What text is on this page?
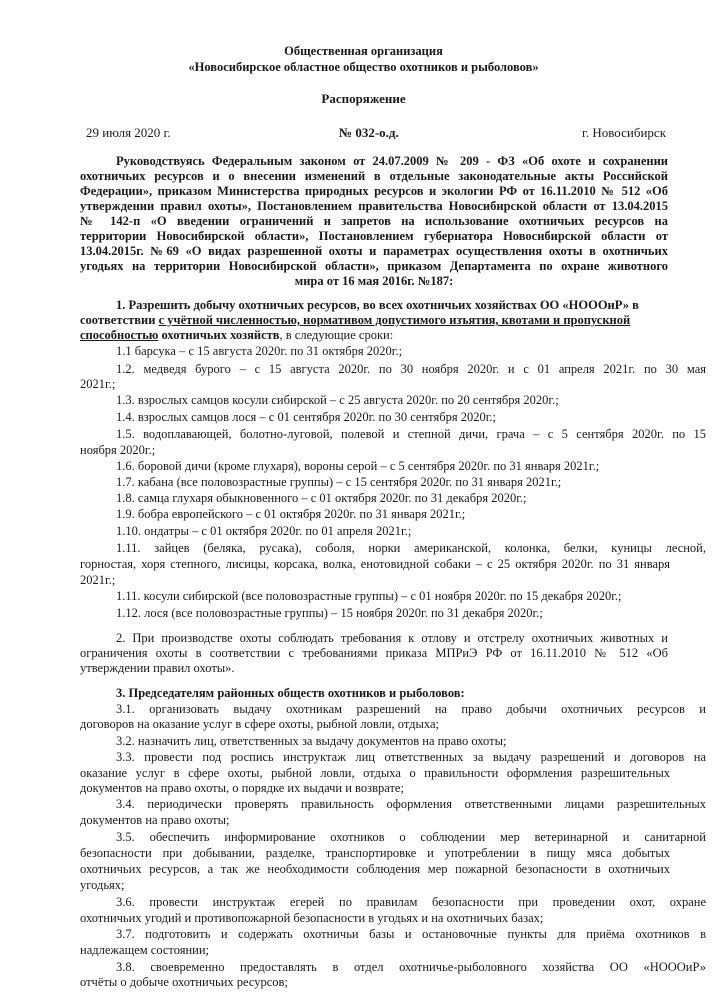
Общественная организация
«Новосибирское областное общество охотников и рыболовов»
Распоряжение
29 июля 2020 г.	№ 032-о.д.	г. Новосибирск
Руководствуясь Федеральным законом от 24.07.2009 № 209 - ФЗ «Об охоте и сохранении
охотничьих ресурсов и о внесении изменений в отдельные законодательные акты Российской
Федерации», приказом Министерства природных ресурсов и экологии РФ от 16.11.2010 № 512 «Об
утверждении правил охоты», Постановлением правительства Новосибирской области от 13.04.2015
№ 142-п «О введении ограничений и запретов на использование охотничьих ресурсов на
территории Новосибирской области», Постановлением губернатора Новосибирской области от
13.04.2015г. №69 «О видах разрешенной охоты и параметрах осуществления охоты в охотничьих
угодьях на территории Новосибирской области», приказом Департамента по охране животного
мира от 16 мая 2016г. №187:
1. Разрешить добычу охотничьих ресурсов, во всех охотничьих хозяйствах ОО «НОООиР» в
соответствии с учётной численностью, нормативом допустимого изъятия, квотами и пропускной
способностью охотничьих хозяйств, в следующие сроки:
1.1 барсука – с 15 августа 2020г. по 31 октября 2020г.;
1.2. медведя бурого – с 15 августа 2020г. по 30 ноября 2020г. и с 01 апреля 2021г. по 30 мая
2021г.;
1.3. взрослых самцов косули сибирской – с 25 августа 2020г. по 20 сентября 2020г.;
1.4. взрослых самцов лося – с 01 сентября 2020г. по 30 сентября 2020г.;
1.5. водоплавающей, болотно-луговой, полевой и степной дичи, грача – с 5 сентября 2020г. по 15
ноября 2020г.;
1.6. боровой дичи (кроме глухаря), вороны серой – с 5 сентября 2020г. по 31 января 2021г.;
1.7. кабана (все половозрастные группы) – с 15 сентября 2020г. по 31 января 2021г.;
1.8. самца глухаря обыкновенного – с 01 октября 2020г. по 31 декабря 2020г.;
1.9. бобра европейского – с 01 октября 2020г. по 31 января 2021г.;
1.10. ондатры – с 01 октября 2020г. по 01 апреля 2021г.;
1.11. зайцев (беляка, русака), соболя, норки американской, колонка, белки, куницы лесной,
горностая, хоря степного, лисицы, корсака, волка, енотовидной собаки – с 25 октября 2020г. по 31 января
2021г.;
1.11. косули сибирской (все половозрастные группы) – с 01 ноября 2020г. по 15 декабря 2020г.;
1.12. лося (все половозрастные группы) – 15 ноября 2020г. по 31 декабря 2020г.;
2. При производстве охоты соблюдать требования к отлову и отстрелу охотничьих животных и
ограничения охоты в соответствии с требованиями приказа МПРиЭ РФ от 16.11.2010 № 512 «Об
утверждении правил охоты».
3. Председателям районных обществ охотников и рыболовов:
3.1. организовать выдачу охотникам разрешений на право добычи охотничьих ресурсов и
договоров на оказание услуг в сфере охоты, рыбной ловли, отдыха;
3.2. назначить лиц, ответственных за выдачу документов на право охоты;
3.3. провести под роспись инструктаж лиц ответственных за выдачу разрешений и договоров на
оказание услуг в сфере охоты, рыбной ловли, отдыха о правильности оформления разрешительных
документов на право охоты, о порядке их выдачи и возврате;
3.4. периодически проверять правильность оформления ответственными лицами разрешительных
документов на право охоты;
3.5. обеспечить информирование охотников о соблюдении мер ветеринарной и санитарной
безопасности при добывании, разделке, транспортировке и употреблении в пищу мяса добытых
охотничьих ресурсов, а так же необходимости соблюдения мер пожарной безопасности в охотничьих
угодьях;
3.6. провести инструктаж егерей по правилам безопасности при проведении охот, охране
охотничьих угодий и противопожарной безопасности в угодьях и на охотничьих базах;
3.7. подготовить и содержать охотничьи базы и остановочные пункты для приёма охотников в
надлежащем состоянии;
3.8. своевременно предоставлять в отдел охотничье-рыболовного хозяйства ОО «НОООиР»
отчёты о добыче охотничьих ресурсов;
